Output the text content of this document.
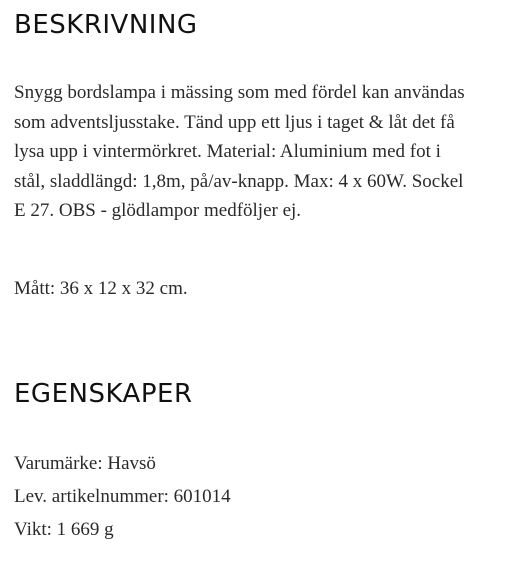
BESKRIVNING

Snygg bordslampa i mässing som med fördel kan användas
som adventsljusstake. Tänd upp ett ljus i taget & låt det få
lysa upp i vintermörkret. Material: Aluminium med fot i
stål, sladdlängd: 1,8m, på/av-knapp. Max: 4 x 60W. Sockel
E 27. OBS - glödlampor medföljer ej.

Mått: 36 x 12 x 32 cm.

EGENSKAPER
Varumärke: Havsö
Lev. artikelnummer: 601014
Vikt: 1 669 g
